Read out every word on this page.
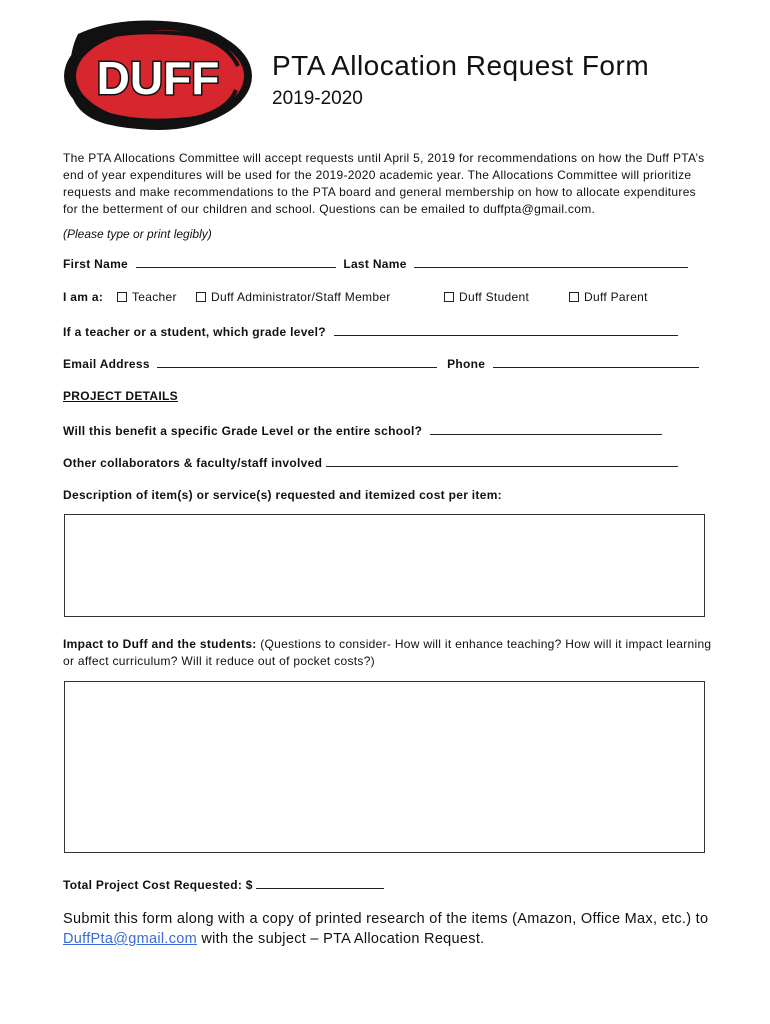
DUFF PTA Allocation Request Form
2019-2020
The PTA Allocations Committee will accept requests until April 5, 2019 for recommendations on how the Duff PTA’s end of year expenditures will be used for the 2019-2020 academic year. The Allocations Committee will prioritize requests and make recommendations to the PTA board and general membership on how to allocate expenditures for the betterment of our children and school. Questions can be emailed to duffpta@gmail.com.
(Please type or print legibly)
First Name	Last Name
I am a:	Teacher	Duff Administrator/Staff Member	Duff Student	Duff Parent
If a teacher or a student, which grade level?
Email Address	Phone
PROJECT DETAILS
Will this benefit a specific Grade Level or the entire school?
Other collaborators & faculty/staff involved
Description of item(s) or service(s) requested and itemized cost per item:
Impact to Duff and the students: (Questions to consider- How will it enhance teaching? How will it impact learning or affect curriculum? Will it reduce out of pocket costs?)
Total Project Cost Requested: $
Submit this form along with a copy of printed research of the items (Amazon, Office Max, etc.) to DuffPta@gmail.com with the subject – PTA Allocation Request.
